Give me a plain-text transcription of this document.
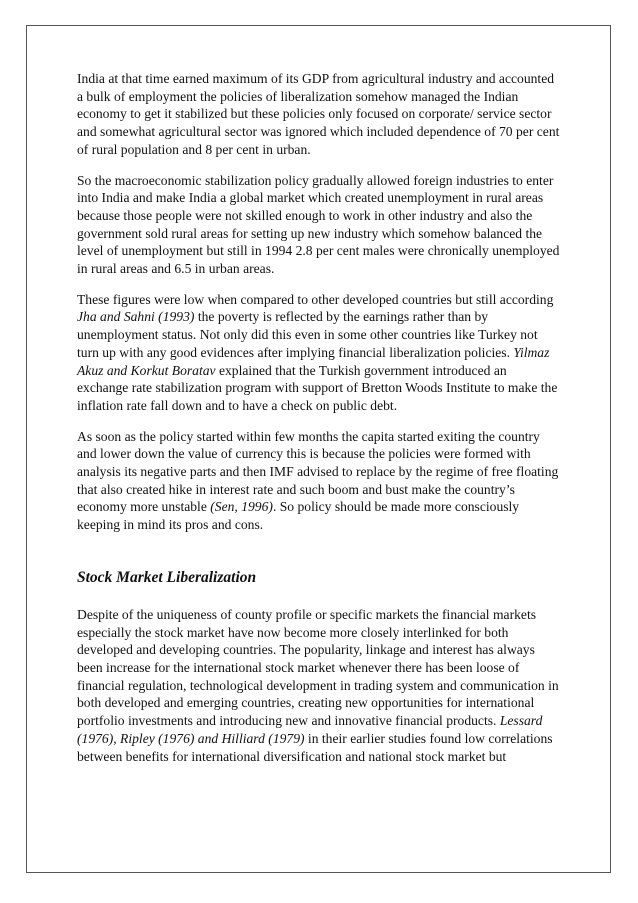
India at that time earned maximum of its GDP from agricultural industry and accounted a bulk of employment the policies of liberalization somehow managed the Indian economy to get it stabilized but these policies only focused on corporate/ service sector and somewhat agricultural sector was ignored which included dependence of 70 per cent of rural population and 8 per cent in urban.

So the macroeconomic stabilization policy gradually allowed foreign industries to enter into India and make India a global market which created unemployment in rural areas because those people were not skilled enough to work in other industry and also the government sold rural areas for setting up new industry which somehow balanced the level of unemployment but still in 1994 2.8 per cent males were chronically unemployed in rural areas and 6.5 in urban areas.

These figures were low when compared to other developed countries but still according Jha and Sahni (1993) the poverty is reflected by the earnings rather than by unemployment status. Not only did this even in some other countries like Turkey not turn up with any good evidences after implying financial liberalization policies. Yilmaz Akuz and Korkut Boratav explained that the Turkish government introduced an exchange rate stabilization program with support of Bretton Woods Institute to make the inflation rate fall down and to have a check on public debt.

As soon as the policy started within few months the capita started exiting the country and lower down the value of currency this is because the policies were formed with analysis its negative parts and then IMF advised to replace by the regime of free floating that also created hike in interest rate and such boom and bust make the country’s economy more unstable (Sen, 1996). So policy should be made more consciously keeping in mind its pros and cons.

Stock Market Liberalization

Despite of the uniqueness of county profile or specific markets the financial markets especially the stock market have now become more closely interlinked for both developed and developing countries. The popularity, linkage and interest has always been increase for the international stock market whenever there has been loose of financial regulation, technological development in trading system and communication in both developed and emerging countries, creating new opportunities for international portfolio investments and introducing new and innovative financial products. Lessard (1976), Ripley (1976) and Hilliard (1979) in their earlier studies found low correlations between benefits for international diversification and national stock market but
